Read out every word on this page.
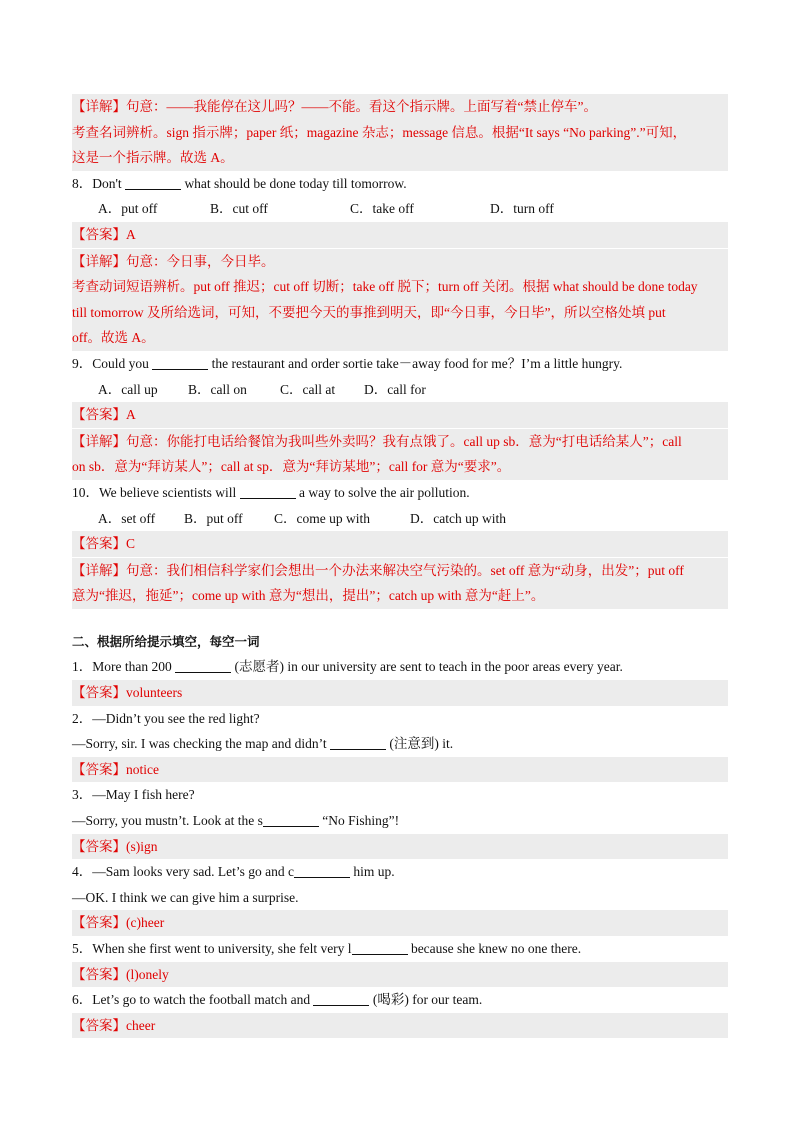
【详解】句意：——我能停在这儿吗？——不能。看这个指示牌。上面写着“禁止停车”。
考查名词辨析。sign 指示牌；paper 纸；magazine 杂志；message 信息。根据“It says “No parking”.”可知，
这是一个指示牌。故选 A。
8．Don't	what should be done today till tomorrow.
A．put off	B．cut off	C．take off	D．turn off
【答案】A
【详解】句意：今日事，今日毕。
考查动词短语辨析。put off 推迟；cut off 切断；take off 脱下；turn off 关闭。根据 what should be done today
till tomorrow 及所给选词，可知，不要把今天的事推到明天，即“今日事，今日毕”，所以空格处填 put
off。故选 A。
9．Could you	the restaurant and order sortie take－away food for me？I’m a little hungry.
A．call up B．call on C．call at D．call for
【答案】A
【详解】句意：你能打电话给餐馆为我叫些外卖吗？我有点饿了。call up sb．意为“打电话给某人”；call
on sb．意为“拜访某人”；call at sp．意为“拜访某地”；call for 意为“要求”。
10．We believe scientists will	a way to solve the air pollution.
A．set off B．put off C．come up with	D．catch up with
【答案】C
【详解】句意：我们相信科学家们会想出一个办法来解决空气污染的。set off 意为“动身，出发”；put off
意为“推迟，拖延”；come up with 意为“想出，提出”；catch up with 意为“赶上”。
二、根据所给提示填空，每空一词
1．More than 200	(志愿者) in our university are sent to teach in the poor areas every year.
【答案】volunteers
2．—Didn’t you see the red light?
—Sorry, sir. I was checking the map and didn’t	(注意到) it.
【答案】notice
3．—May I fish here?
—Sorry, you mustn’t. Look at the s	“No Fishing”!
【答案】(s)ign
4．—Sam looks very sad. Let’s go and c	him up.
—OK. I think we can give him a surprise.
【答案】(c)heer
5．When she first went to university, she felt very l	because she knew no one there.
【答案】(l)onely
6．Let’s go to watch the football match and	(喝彩) for our team.
【答案】cheer
